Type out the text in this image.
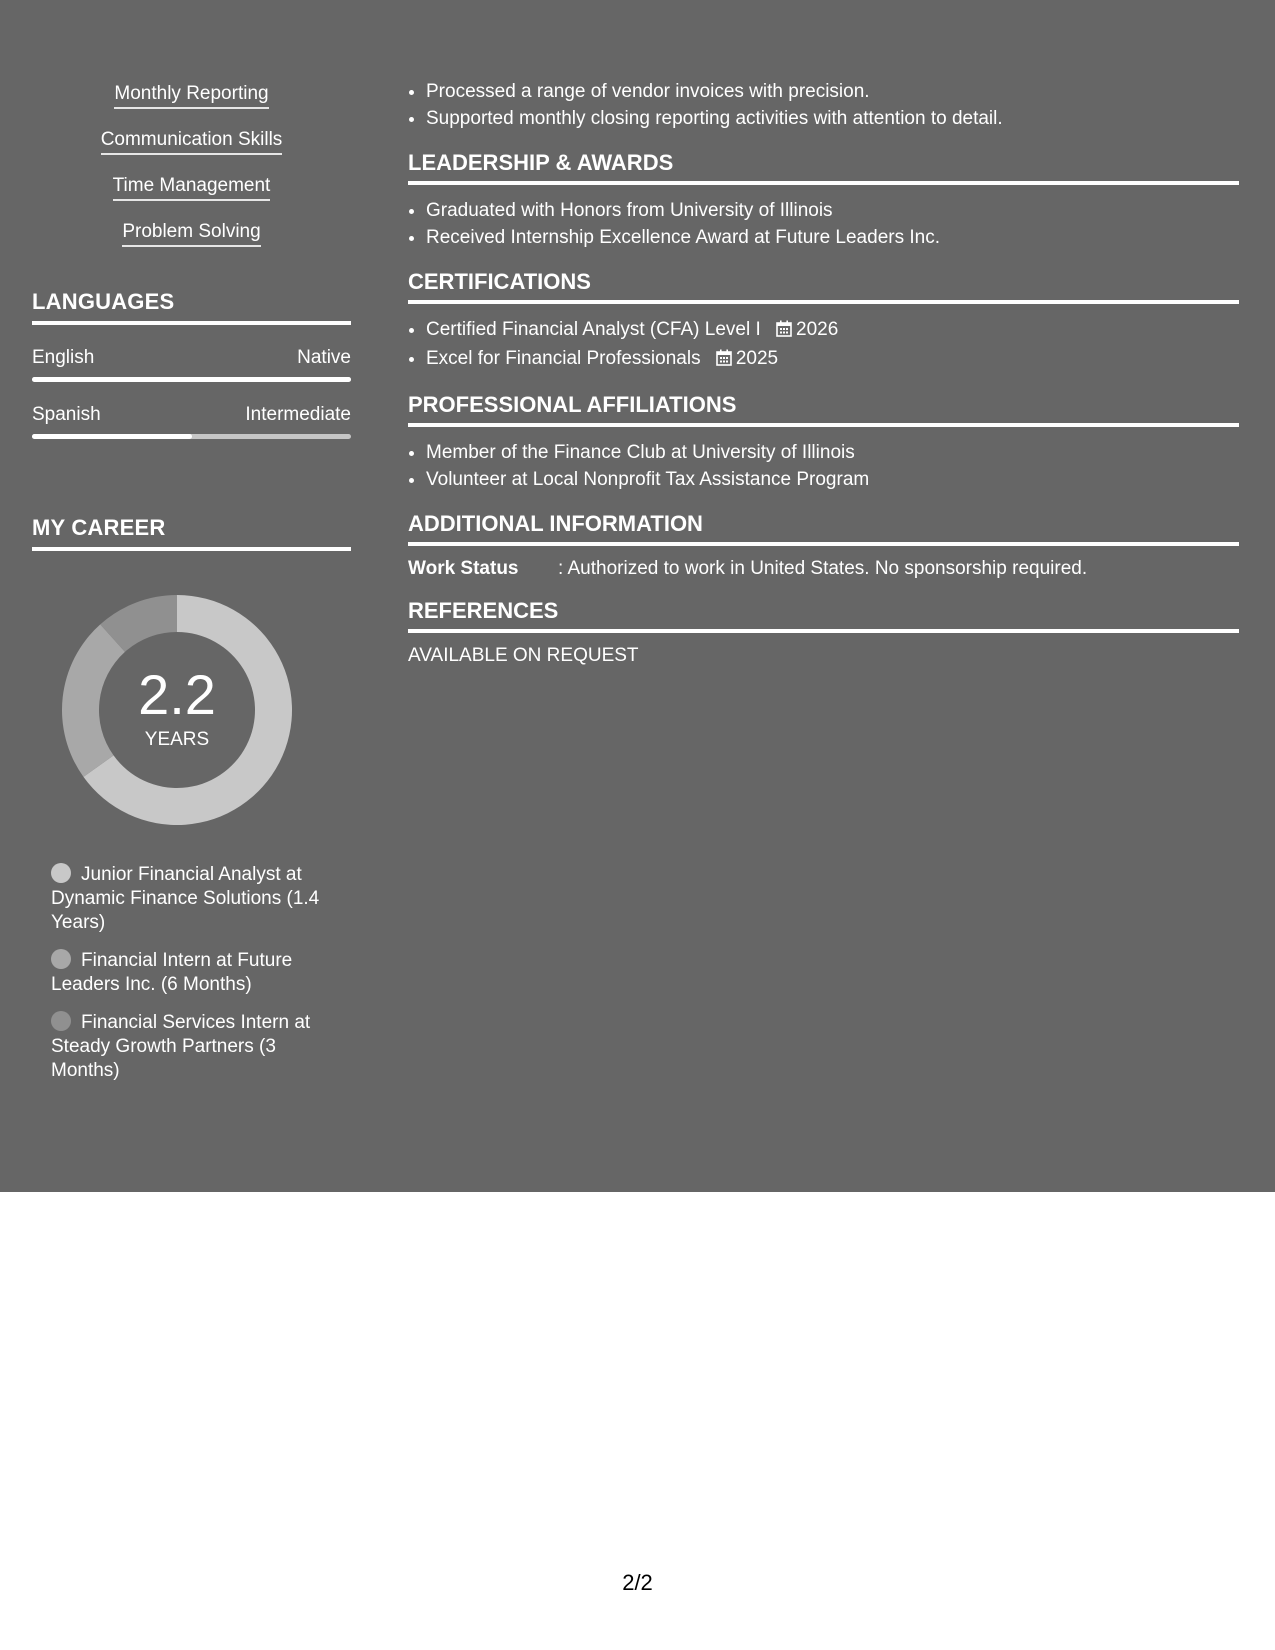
Monthly Reporting
Communication Skills
Time Management
Problem Solving
LANGUAGES
English	Native
Spanish	Intermediate
MY CAREER
2.2
YEARS
Junior Financial Analyst at Dynamic Finance Solutions (1.4 Years)
Financial Intern at Future Leaders Inc. (6 Months)
Financial Services Intern at Steady Growth Partners (3 Months)
• Processed a range of vendor invoices with precision.
• Supported monthly closing reporting activities with attention to detail.
LEADERSHIP & AWARDS
• Graduated with Honors from University of Illinois
• Received Internship Excellence Award at Future Leaders Inc.
CERTIFICATIONS
• Certified Financial Analyst (CFA) Level I 2026
• Excel for Financial Professionals 2025
PROFESSIONAL AFFILIATIONS
• Member of the Finance Club at University of Illinois
• Volunteer at Local Nonprofit Tax Assistance Program
ADDITIONAL INFORMATION
Work Status	: Authorized to work in United States. No sponsorship required.
REFERENCES
AVAILABLE ON REQUEST
2/2
